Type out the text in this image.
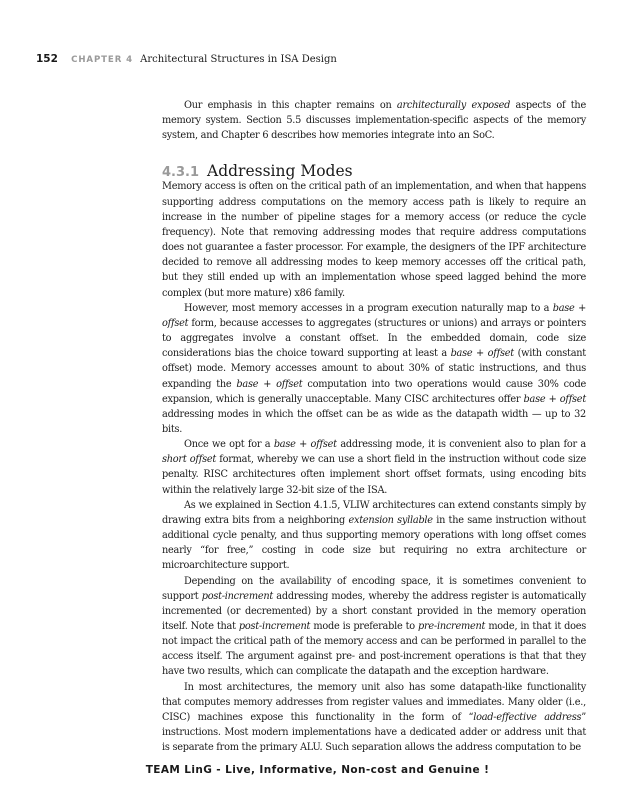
152 CHAPTER 4 Architectural Structures in ISA Design

Our emphasis in this chapter remains on architecturally exposed aspects of the memory system. Section 5.5 discusses implementation-specific aspects of the memory system, and Chapter 6 describes how memories integrate into an SoC.

4.3.1 Addressing Modes

Memory access is often on the critical path of an implementation, and when that happens supporting address computations on the memory access path is likely to require an increase in the number of pipeline stages for a memory access (or reduce the cycle frequency). Note that removing addressing modes that require address computations does not guarantee a faster processor. For example, the designers of the IPF architecture decided to remove all addressing modes to keep memory accesses off the critical path, but they still ended up with an implementation whose speed lagged behind the more complex (but more mature) x86 family.

However, most memory accesses in a program execution naturally map to a base + offset form, because accesses to aggregates (structures or unions) and arrays or pointers to aggregates involve a constant offset. In the embedded domain, code size considerations bias the choice toward supporting at least a base + offset (with constant offset) mode. Memory accesses amount to about 30% of static instructions, and thus expanding the base + offset computation into two operations would cause 30% code expansion, which is generally unacceptable. Many CISC architectures offer base + offset addressing modes in which the offset can be as wide as the datapath width — up to 32 bits.

Once we opt for a base + offset addressing mode, it is convenient also to plan for a short offset format, whereby we can use a short field in the instruction without code size penalty. RISC architectures often implement short offset formats, using encoding bits within the relatively large 32-bit size of the ISA.

As we explained in Section 4.1.5, VLIW architectures can extend constants simply by drawing extra bits from a neighboring extension syllable in the same instruction without additional cycle penalty, and thus supporting memory operations with long offset comes nearly “for free,” costing in code size but requiring no extra architecture or microarchitecture support.

Depending on the availability of encoding space, it is sometimes convenient to support post-increment addressing modes, whereby the address register is automatically incremented (or decremented) by a short constant provided in the memory operation itself. Note that post-increment mode is preferable to pre-increment mode, in that it does not impact the critical path of the memory access and can be performed in parallel to the access itself. The argument against pre- and post-increment operations is that that they have two results, which can complicate the datapath and the exception hardware.

In most architectures, the memory unit also has some datapath-like functionality that computes memory addresses from register values and immediates. Many older (i.e., CISC) machines expose this functionality in the form of “load-effective address” instructions. Most modern implementations have a dedicated adder or address unit that is separate from the primary ALU. Such separation allows the address computation to be

TEAM LinG - Live, Informative, Non-cost and Genuine !
